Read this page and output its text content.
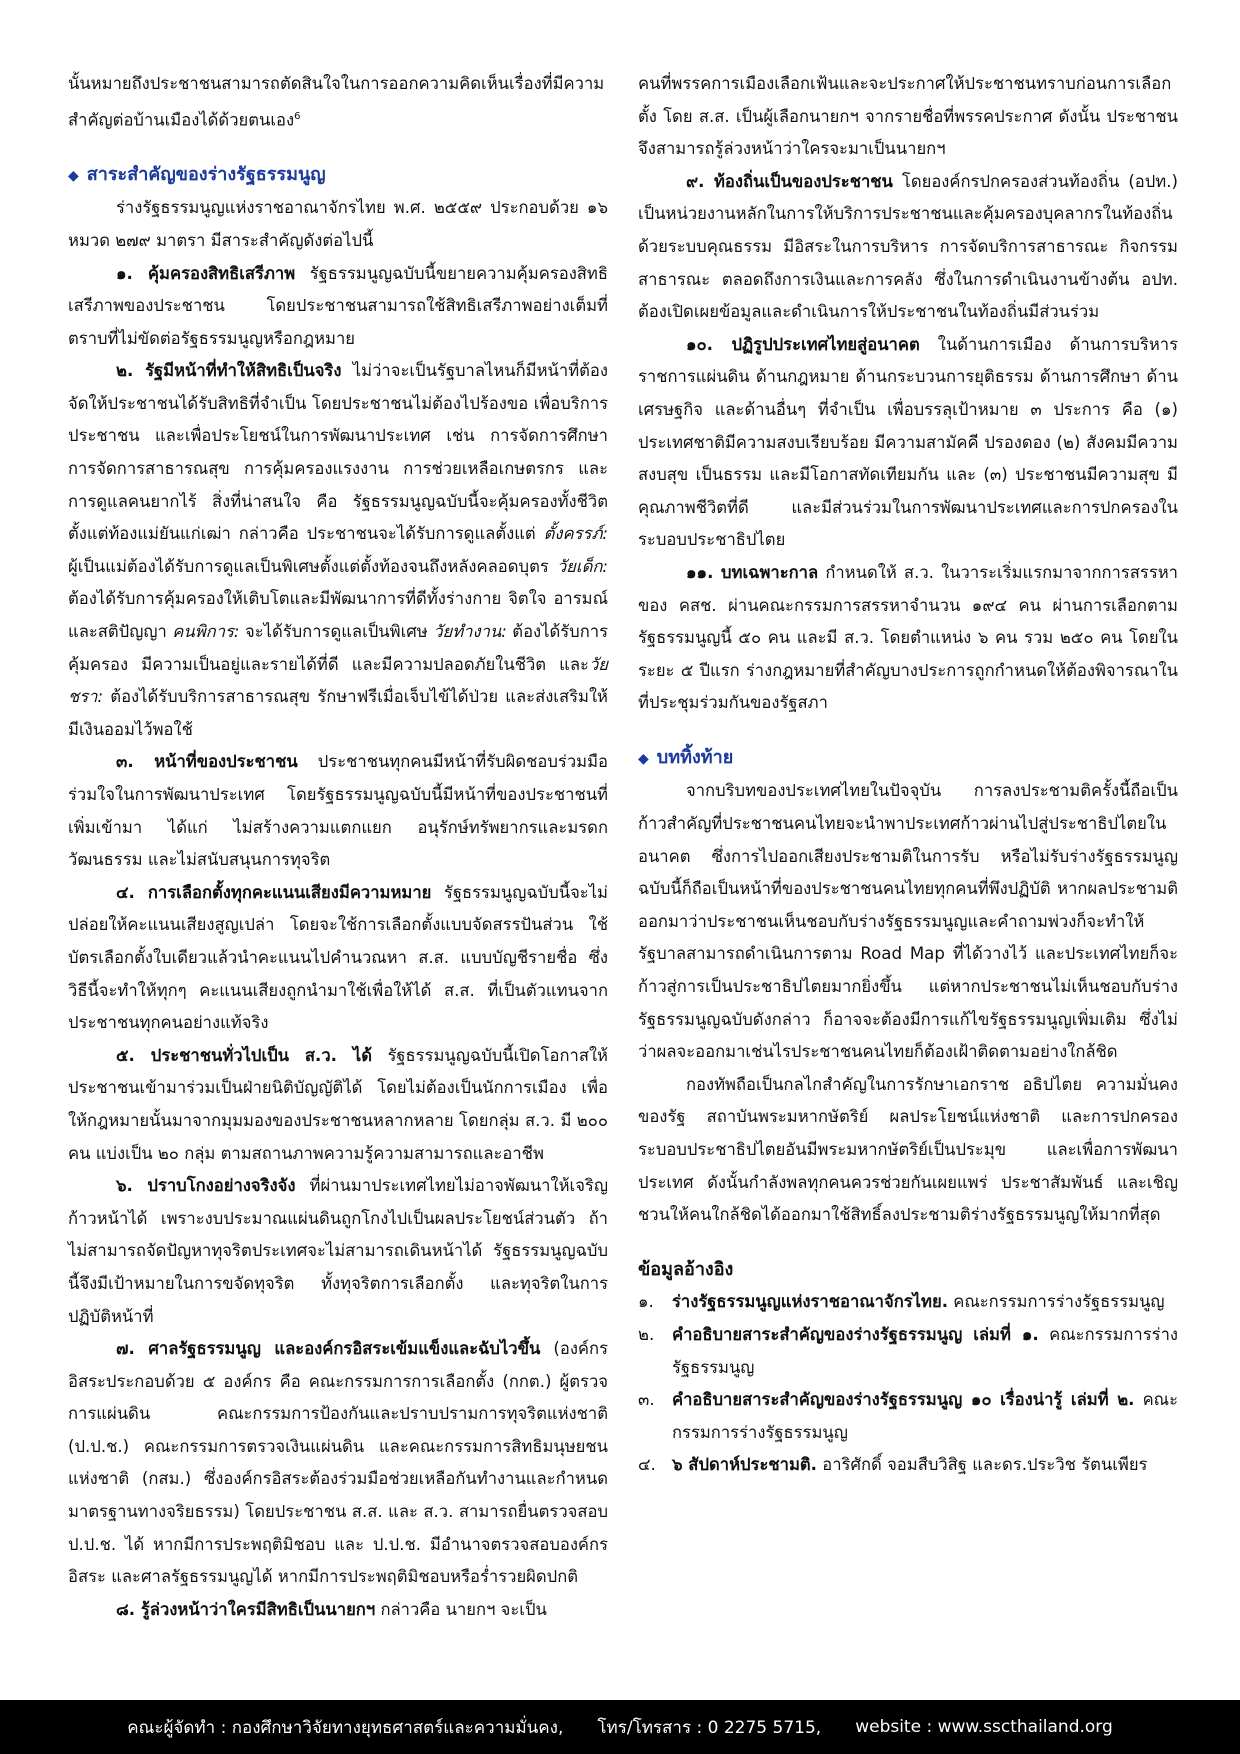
นั้นหมายถึงประชาชนสามารถตัดสินใจในการออกความคิดเห็นเรื่องที่มีความสำคัญต่อบ้านเมืองได้ด้วยตนเอง$^6$

◆ สาระสำคัญของร่างรัฐธรรมนูญ

ร่างรัฐธรรมนูญแห่งราชอาณาจักรไทย พ.ศ. ๒๕๕๙ ประกอบด้วย ๑๖ หมวด ๒๗๙ มาตรา มีสาระสำคัญดังต่อไปนี้

๑. คุ้มครองสิทธิเสรีภาพ รัฐธรรมนูญฉบับนี้ขยายความคุ้มครองสิทธิเสรีภาพของประชาชน โดยประชาชนสามารถใช้สิทธิเสรีภาพอย่างเต็มที่ ตราบที่ไม่ขัดต่อรัฐธรรมนูญหรือกฎหมาย

๒. รัฐมีหน้าที่ทำให้สิทธิเป็นจริง ไม่ว่าจะเป็นรัฐบาลไหนก็มีหน้าที่ต้องจัดให้ประชาชนได้รับสิทธิที่จำเป็น โดยประชาชนไม่ต้องไปร้องขอ เพื่อบริการประชาชน และเพื่อประโยชน์ในการพัฒนาประเทศ เช่น การจัดการศึกษา การจัดการสาธารณสุข การคุ้มครองแรงงาน การช่วยเหลือเกษตรกร และการดูแลคนยากไร้ สิ่งที่น่าสนใจ คือ รัฐธรรมนูญฉบับนี้จะคุ้มครองทั้งชีวิตตั้งแต่ท้องแม่ยันแก่เฒ่า กล่าวคือ ประชาชนจะได้รับการดูแลตั้งแต่ ตั้งครรภ์: ผู้เป็นแม่ต้องได้รับการดูแลเป็นพิเศษตั้งแต่ตั้งท้องจนถึงหลังคลอดบุตร วัยเด็ก: ต้องได้รับการคุ้มครองให้เติบโตและมีพัฒนาการที่ดีทั้งร่างกาย จิตใจ อารมณ์ และสติปัญญา คนพิการ: จะได้รับการดูแลเป็นพิเศษ วัยทำงาน: ต้องได้รับการคุ้มครอง มีความเป็นอยู่และรายได้ที่ดี และมีความปลอดภัยในชีวิต และวัยชรา: ต้องได้รับบริการสาธารณสุข รักษาฟรีเมื่อเจ็บไข้ได้ป่วย และส่งเสริมให้มีเงินออมไว้พอใช้

๓. หน้าที่ของประชาชน ประชาชนทุกคนมีหน้าที่รับผิดชอบร่วมมือร่วมใจในการพัฒนาประเทศ โดยรัฐธรรมนูญฉบับนี้มีหน้าที่ของประชาชนที่เพิ่มเข้ามา ได้แก่ ไม่สร้างความแตกแยก อนุรักษ์ทรัพยากรและมรดกวัฒนธรรม และไม่สนับสนุนการทุจริต

๔. การเลือกตั้งทุกคะแนนเสียงมีความหมาย รัฐธรรมนูญฉบับนี้จะไม่ปล่อยให้คะแนนเสียงสูญเปล่า โดยจะใช้การเลือกตั้งแบบจัดสรรปันส่วน ใช้บัตรเลือกตั้งใบเดียวแล้วนำคะแนนไปคำนวณหา ส.ส. แบบบัญชีรายชื่อ ซึ่งวิธีนี้จะทำให้ทุกๆ คะแนนเสียงถูกนำมาใช้เพื่อให้ได้ ส.ส. ที่เป็นตัวแทนจากประชาชนทุกคนอย่างแท้จริง

๕. ประชาชนทั่วไปเป็น ส.ว. ได้ รัฐธรรมนูญฉบับนี้เปิดโอกาสให้ประชาชนเข้ามาร่วมเป็นฝ่ายนิติบัญญัติได้ โดยไม่ต้องเป็นนักการเมือง เพื่อให้กฎหมายนั้นมาจากมุมมองของประชาชนหลากหลาย โดยกลุ่ม ส.ว. มี ๒๐๐ คน แบ่งเป็น ๒๐ กลุ่ม ตามสถานภาพความรู้ความสามารถและอาชีพ

๖. ปราบโกงอย่างจริงจัง ที่ผ่านมาประเทศไทยไม่อาจพัฒนาให้เจริญก้าวหน้าได้ เพราะงบประมาณแผ่นดินถูกโกงไปเป็นผลประโยชน์ส่วนตัว ถ้าไม่สามารถจัดปัญหาทุจริตประเทศจะไม่สามารถเดินหน้าได้ รัฐธรรมนูญฉบับนี้จึงมีเป้าหมายในการขจัดทุจริต ทั้งทุจริตการเลือกตั้ง และทุจริตในการปฏิบัติหน้าที่

๗. ศาลรัฐธรรมนูญ และองค์กรอิสระเข้มแข็งและฉับไวขึ้น (องค์กรอิสระประกอบด้วย ๕ องค์กร คือ คณะกรรมการการเลือกตั้ง (กกต.) ผู้ตรวจการแผ่นดิน คณะกรรมการป้องกันและปราบปรามการทุจริตแห่งชาติ (ป.ป.ช.) คณะกรรมการตรวจเงินแผ่นดิน และคณะกรรมการสิทธิมนุษยชนแห่งชาติ (กสม.) ซึ่งองค์กรอิสระต้องร่วมมือช่วยเหลือกันทำงานและกำหนดมาตรฐานทางจริยธรรม) โดยประชาชน ส.ส. และ ส.ว. สามารถยื่นตรวจสอบ ป.ป.ช. ได้ หากมีการประพฤติมิชอบ และ ป.ป.ช. มีอำนาจตรวจสอบองค์กรอิสระ และศาลรัฐธรรมนูญได้ หากมีการประพฤติมิชอบหรือร่ำรวยผิดปกติ

๘. รู้ล่วงหน้าว่าใครมีสิทธิเป็นนายกฯ กล่าวคือ นายกฯ จะเป็น

คนที่พรรคการเมืองเลือกเฟ้นและจะประกาศให้ประชาชนทราบก่อนการเลือกตั้ง โดย ส.ส. เป็นผู้เลือกนายกฯ จากรายชื่อที่พรรคประกาศ ดังนั้น ประชาชนจึงสามารถรู้ล่วงหน้าว่าใครจะมาเป็นนายกฯ

๙. ท้องถิ่นเป็นของประชาชน โดยองค์กรปกครองส่วนท้องถิ่น (อปท.) เป็นหน่วยงานหลักในการให้บริการประชาชนและคุ้มครองบุคลากรในท้องถิ่นด้วยระบบคุณธรรม มีอิสระในการบริหาร การจัดบริการสาธารณะ กิจกรรมสาธารณะ ตลอดถึงการเงินและการคลัง ซึ่งในการดำเนินงานข้างต้น อปท. ต้องเปิดเผยข้อมูลและดำเนินการให้ประชาชนในท้องถิ่นมีส่วนร่วม

๑๐. ปฏิรูปประเทศไทยสู่อนาคต ในด้านการเมือง ด้านการบริหารราชการแผ่นดิน ด้านกฎหมาย ด้านกระบวนการยุติธรรม ด้านการศึกษา ด้านเศรษฐกิจ และด้านอื่นๆ ที่จำเป็น เพื่อบรรลุเป้าหมาย ๓ ประการ คือ (๑) ประเทศชาติมีความสงบเรียบร้อย มีความสามัคคี ปรองดอง (๒) สังคมมีความสงบสุข เป็นธรรม และมีโอกาสทัดเทียมกัน และ (๓) ประชาชนมีความสุข มีคุณภาพชีวิตที่ดี และมีส่วนร่วมในการพัฒนาประเทศและการปกครองในระบอบประชาธิปไตย

๑๑. บทเฉพาะกาล กำหนดให้ ส.ว. ในวาระเริ่มแรกมาจากการสรรหาของ คสช. ผ่านคณะกรรมการสรรหาจำนวน ๑๙๔ คน ผ่านการเลือกตามรัฐธรรมนูญนี้ ๕๐ คน และมี ส.ว. โดยตำแหน่ง ๖ คน รวม ๒๕๐ คน โดยในระยะ ๕ ปีแรก ร่างกฎหมายที่สำคัญบางประการถูกกำหนดให้ต้องพิจารณาในที่ประชุมร่วมกันของรัฐสภา

◆ บททิ้งท้าย

จากบริบทของประเทศไทยในปัจจุบัน การลงประชามติครั้งนี้ถือเป็นก้าวสำคัญที่ประชาชนคนไทยจะนำพาประเทศก้าวผ่านไปสู่ประชาธิปไตยในอนาคต ซึ่งการไปออกเสียงประชามติในการรับ หรือไม่รับร่างรัฐธรรมนูญฉบับนี้ก็ถือเป็นหน้าที่ของประชาชนคนไทยทุกคนที่พึงปฏิบัติ หากผลประชามติออกมาว่าประชาชนเห็นชอบกับร่างรัฐธรรมนูญและคำถามพ่วงก็จะทำให้รัฐบาลสามารถดำเนินการตาม Road Map ที่ได้วางไว้ และประเทศไทยก็จะก้าวสู่การเป็นประชาธิปไตยมากยิ่งขึ้น แต่หากประชาชนไม่เห็นชอบกับร่างรัฐธรรมนูญฉบับดังกล่าว ก็อาจจะต้องมีการแก้ไขรัฐธรรมนูญเพิ่มเติม ซึ่งไม่ว่าผลจะออกมาเช่นไรประชาชนคนไทยก็ต้องเฝ้าติดตามอย่างใกล้ชิด

กองทัพถือเป็นกลไกสำคัญในการรักษาเอกราช อธิปไตย ความมั่นคงของรัฐ สถาบันพระมหากษัตริย์ ผลประโยชน์แห่งชาติ และการปกครองระบอบประชาธิปไตยอันมีพระมหากษัตริย์เป็นประมุข และเพื่อการพัฒนาประเทศ ดังนั้นกำลังพลทุกคนควรช่วยกันเผยแพร่ ประชาสัมพันธ์ และเชิญชวนให้คนใกล้ชิดได้ออกมาใช้สิทธิ์ลงประชามติร่างรัฐธรรมนูญให้มากที่สุด

ข้อมูลอ้างอิง

๑.	ร่างรัฐธรรมนูญแห่งราชอาณาจักรไทย. คณะกรรมการร่างรัฐธรรมนูญ
๒.	คำอธิบายสาระสำคัญของร่างรัฐธรรมนูญ เล่มที่ ๑. คณะกรรมการร่างรัฐธรรมนูญ
๓.	คำอธิบายสาระสำคัญของร่างรัฐธรรมนูญ ๑๐ เรื่องน่ารู้ เล่มที่ ๒. คณะกรรมการร่างรัฐธรรมนูญ
๔. ๖ สัปดาห์ประชามติ. อาริศักดิ์ จอมสืบวิสิฐ และดร.ประวิช รัตนเพียร
คณะผู้จัดทำ : กองศึกษาวิจัยทางยุทธศาสตร์และความมั่นคง, โทร/โทรสาร : 0 2275 5715, website : www.sscthailand.org
